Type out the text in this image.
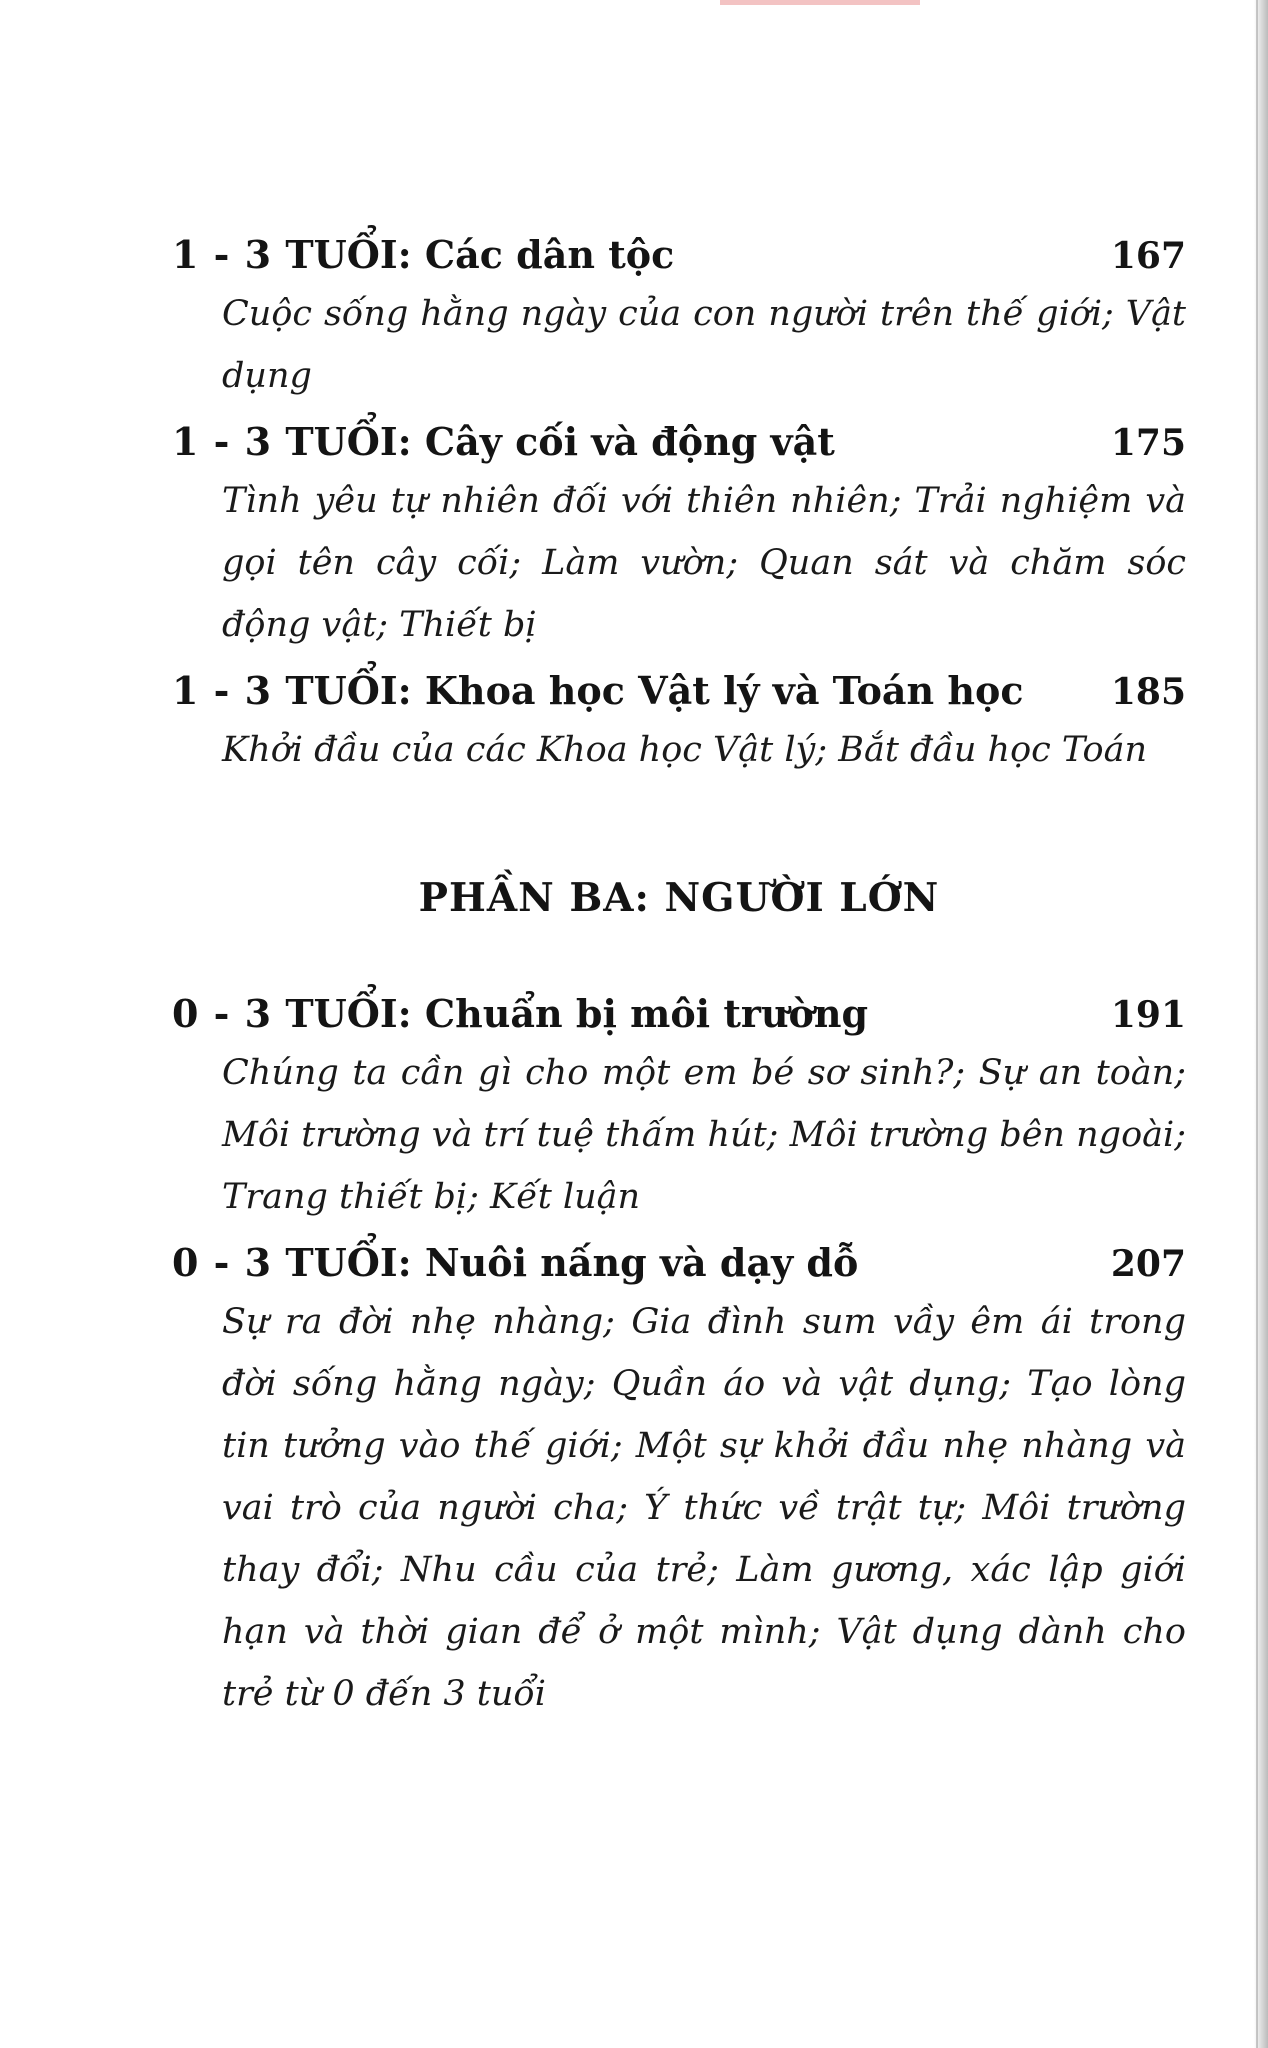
1 - 3 TUỔI: Các dân tộc	167
Cuộc sống hằng ngày của con người trên thế giới; Vật dụng
1 - 3 TUỔI: Cây cối và động vật	175
Tình yêu tự nhiên đối với thiên nhiên; Trải nghiệm và gọi tên cây cối; Làm vườn; Quan sát và chăm sóc động vật; Thiết bị
1 - 3 TUỔI: Khoa học Vật lý và Toán học 185
Khởi đầu của các Khoa học Vật lý; Bắt đầu học Toán
PHẦN BA: NGƯỜI LỚN
0 - 3 TUỔI: Chuẩn bị môi trường	191
Chúng ta cần gì cho một em bé sơ sinh?; Sự an toàn; Môi trường và trí tuệ thấm hút; Môi trường bên ngoài; Trang thiết bị; Kết luận
0 - 3 TUỔI: Nuôi nấng và dạy dỗ	207
Sự ra đời nhẹ nhàng; Gia đình sum vầy êm ái trong đời sống hằng ngày; Quần áo và vật dụng; Tạo lòng tin tưởng vào thế giới; Một sự khởi đầu nhẹ nhàng và vai trò của người cha; Ý thức về trật tự; Môi trường thay đổi; Nhu cầu của trẻ; Làm gương, xác lập giới hạn và thời gian để ở một mình; Vật dụng dành cho trẻ từ 0 đến 3 tuổi
